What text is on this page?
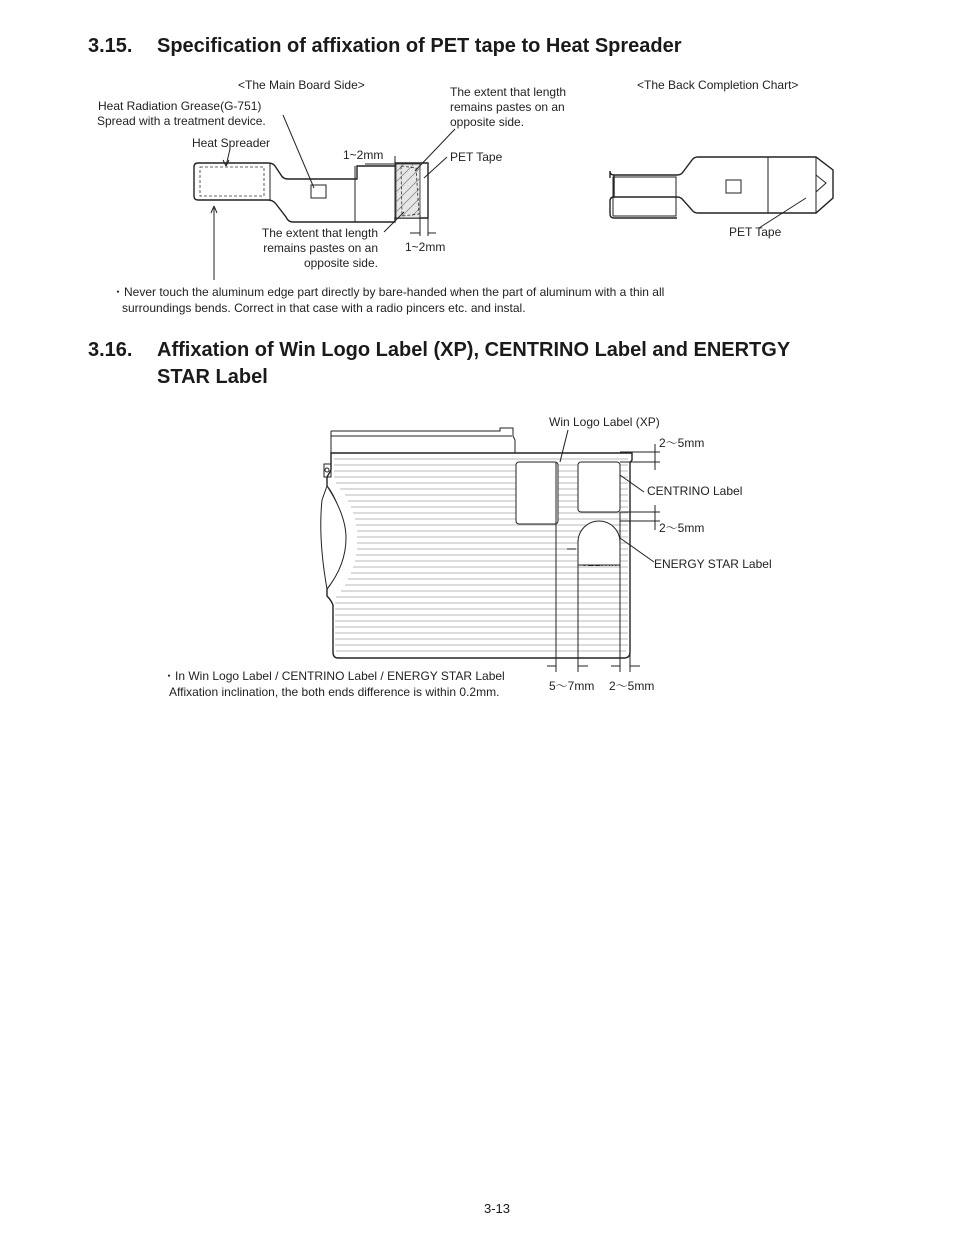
3.15. Specification of affixation of PET tape to Heat Spreader
<The Main Board Side>	<The Back Completion Chart>
Heat Radiation Grease(G-751)
Spread with a treatment device.
Heat Spreader
1~2mm
The extent that length
remains pastes on an
opposite side.
PET Tape
The extent that length
remains pastes on an
opposite side.
1~2mm
PET Tape
・Never touch the aluminum edge part directly by bare-handed when the part of aluminum with a thin all
surroundings bends. Correct in that case with a radio pincers etc. and instal.
3.16. Affixation of Win Logo Label (XP), CENTRINO Label and ENERTGY
STAR Label
Win Logo Label (XP)
2～5mm
CENTRINO Label
2～5mm
ENERGY STAR Label
5～7mm 2～5mm
・In Win Logo Label / CENTRINO Label / ENERGY STAR Label
Affixation inclination, the both ends difference is within 0.2mm.
3-13
